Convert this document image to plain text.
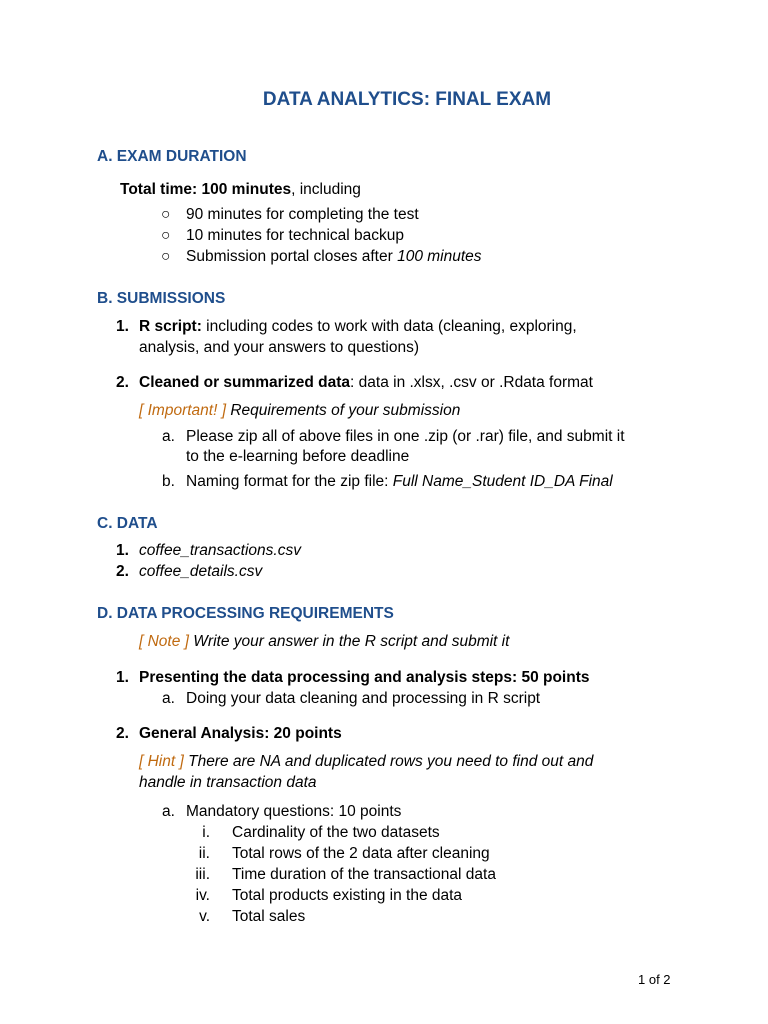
DATA ANALYTICS: FINAL EXAM
A. EXAM DURATION
Total time: 100 minutes, including
○ 90 minutes for completing the test
○ 10 minutes for technical backup
○ Submission portal closes after 100 minutes
B. SUBMISSIONS
1. R script: including codes to work with data (cleaning, exploring,
analysis, and your answers to questions)
2. Cleaned or summarized data: data in .xlsx, .csv or .Rdata format
[ Important! ] Requirements of your submission
a. Please zip all of above files in one .zip (or .rar) file, and submit it
to the e-learning before deadline
b. Naming format for the zip file: Full Name_Student ID_DA Final
C. DATA
1. coffee_transactions.csv
2. coffee_details.csv
D. DATA PROCESSING REQUIREMENTS
[ Note ] Write your answer in the R script and submit it
1. Presenting the data processing and analysis steps: 50 points
a. Doing your data cleaning and processing in R script
2. General Analysis: 20 points
[ Hint ] There are NA and duplicated rows you need to find out and
handle in transaction data
a. Mandatory questions: 10 points
i. Cardinality of the two datasets
ii. Total rows of the 2 data after cleaning
iii. Time duration of the transactional data
iv. Total products existing in the data
v. Total sales
1 of 2
